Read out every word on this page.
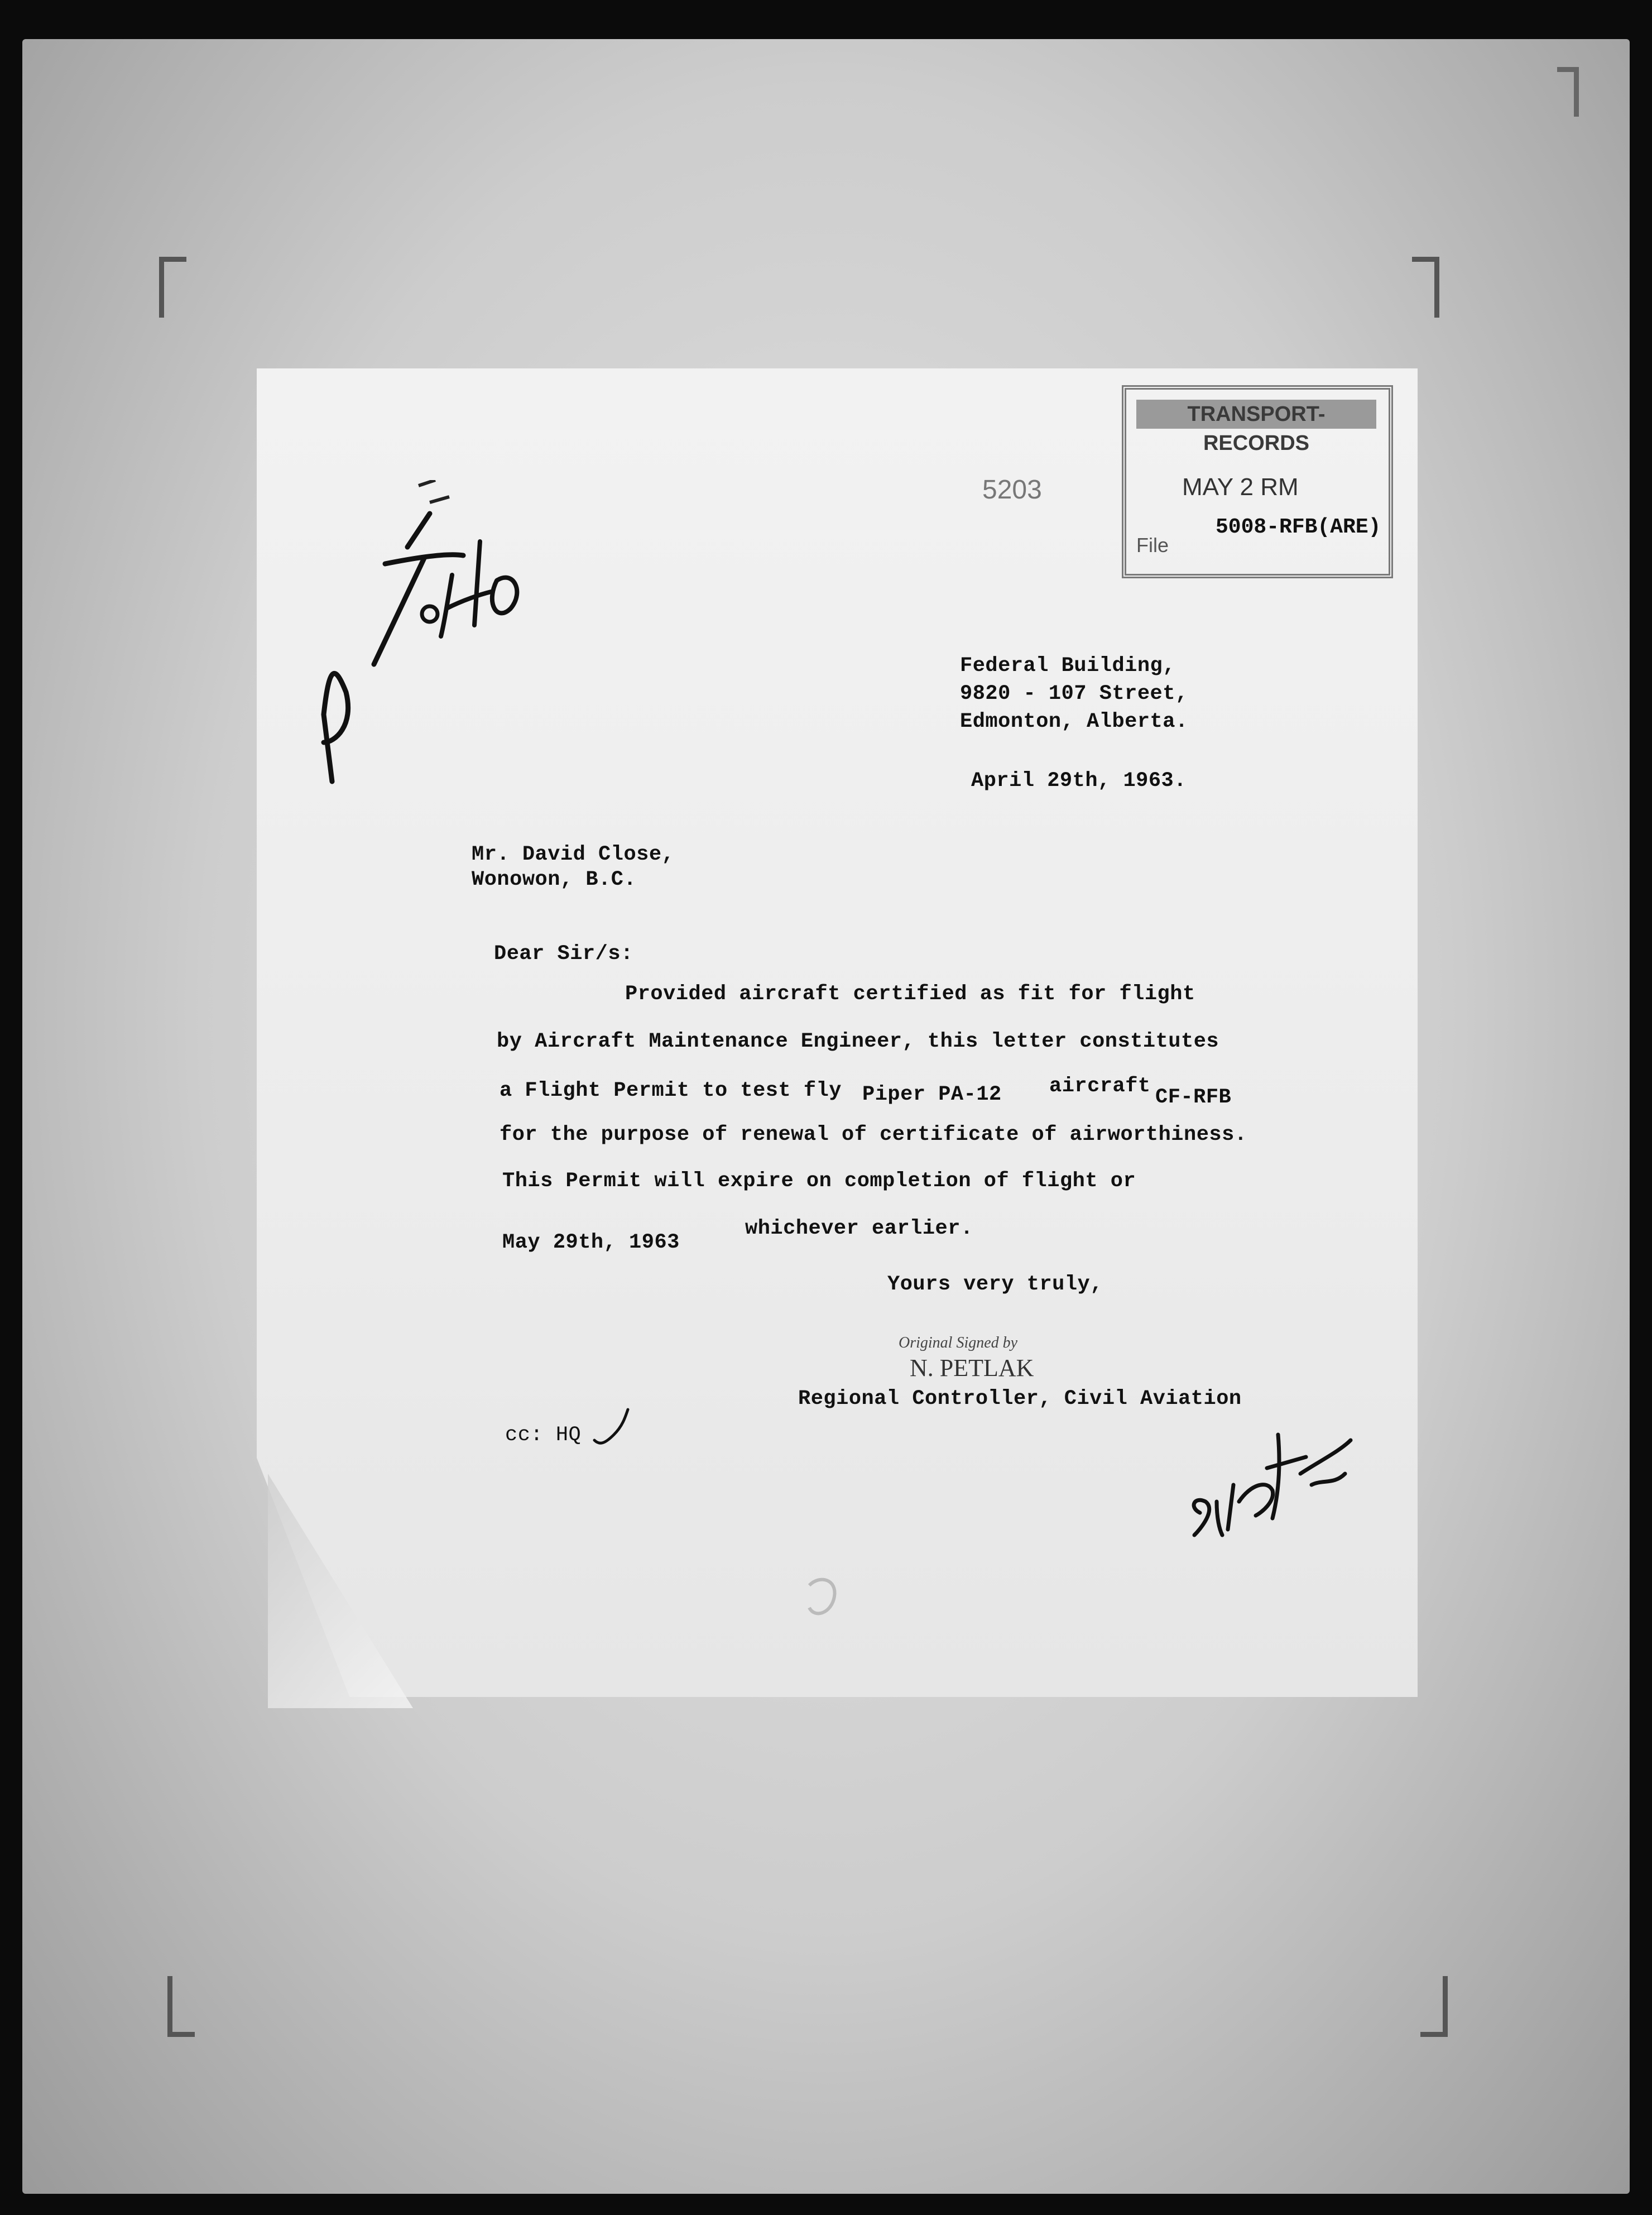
TRANSPORT-RECORDS
MAY 2 RM
File
5008-RFB(ARE)
5203
Federal Building,
9820 - 107 Street,
Edmonton, Alberta.
April 29th, 1963.
Mr. David Close,
Wonowon, B.C.
Dear Sir/s:
Provided aircraft certified as fit for flight
by Aircraft Maintenance Engineer, this letter constitutes
a Flight Permit to test fly Piper PA-12 aircraft CF-RFB
for the purpose of renewal of certificate of airworthiness.
This Permit will expire on completion of flight or
May 29th, 1963
whichever earlier.
Yours very truly,
Original Signed by
N. PETLAK
Regional Controller, Civil Aviation
cc: HQ
